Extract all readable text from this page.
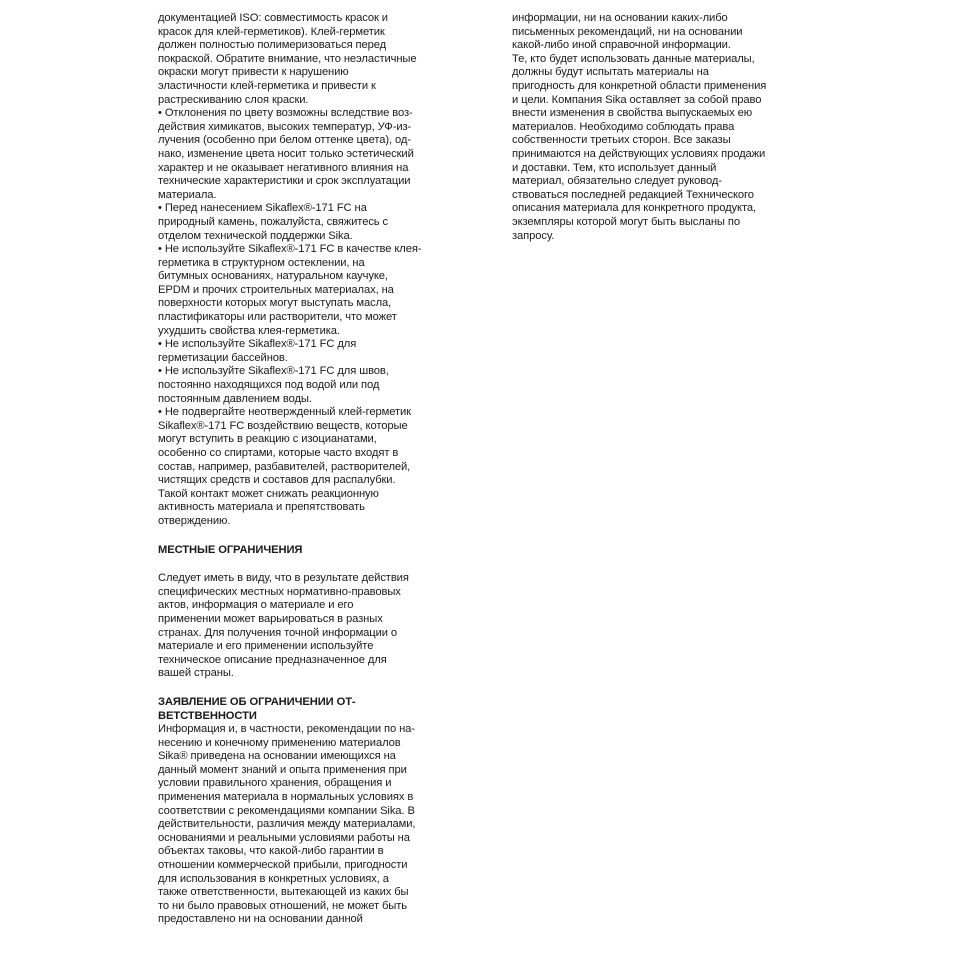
документацией ISO: совместимость красок и
красок для клей-герметиков). Клей-герметик
должен полностью полимеризоваться перед
покраской. Обратите внимание, что неэластичные
окраски могут привести к нарушению
эластичности клей-герметика и привести к
растрескиванию слоя краски.
• Отклонения по цвету возможны вследствие воз-
действия химикатов, высоких температур, УФ-из-
лучения (особенно при белом оттенке цвета), од-
нако, изменение цвета носит только эстетический
характер и не оказывает негативного влияния на
технические характеристики и срок эксплуатации
материала.
• Перед нанесением Sikaflex®-171 FC на
природный камень, пожалуйста, свяжитесь с
отделом технической поддержки Sika.
• Не используйте Sikaflex®-171 FC в качестве клея-
герметика в структурном остеклении, на
битумных основаниях, натуральном каучуке,
EPDM и прочих строительных материалах, на
поверхности которых могут выступать масла,
пластификаторы или растворители, что может
ухудшить свойства клея-герметика.
• Не используйте Sikaflex®-171 FC для
герметизации бассейнов.
• Не используйте Sikaflex®-171 FC для швов,
постоянно находящихся под водой или под
постоянным давлением воды.
• Не подвергайте неотвержденный клей-герметик
Sikaflex®-171 FC воздействию веществ, которые
могут вступить в реакцию с изоцианатами,
особенно со спиртами, которые часто входят в
состав, например, разбавителей, растворителей,
чистящих средств и составов для распалубки.
Такой контакт может снижать реакционную
активность материала и препятствовать
отверждению.
МЕСТНЫЕ ОГРАНИЧЕНИЯ
Следует иметь в виду, что в результате действия
специфических местных нормативно-правовых
актов, информация о материале и его
применении может варьироваться в разных
странах. Для получения точной информации о
материале и его применении используйте
техническое описание предназначенное для
вашей страны.
ЗАЯВЛЕНИЕ ОБ ОГРАНИЧЕНИИ ОТ-
ВЕТСТВЕННОСТИ
Информация и, в частности, рекомендации по на-
несению и конечному применению материалов
Sika® приведена на основании имеющихся на
данный момент знаний и опыта применения при
условии правильного хранения, обращения и
применения материала в нормальных условиях в
соответствии с рекомендациями компании Sika. В
действительности, различия между материалами,
основаниями и реальными условиями работы на
объектах таковы, что какой-либо гарантии в
отношении коммерческой прибыли, пригодности
для использования в конкретных условиях, а
также ответственности, вытекающей из каких бы
то ни было правовых отношений, не может быть
предоставлено ни на основании данной
информации, ни на основании каких-либо
письменных рекомендаций, ни на основании
какой-либо иной справочной информации.
Те, кто будет использовать данные материалы,
должны будут испытать материалы на
пригодность для конкретной области применения
и цели. Компания Sika оставляет за собой право
внести изменения в свойства выпускаемых ею
материалов. Необходимо соблюдать права
собственности третьих сторон. Все заказы
принимаются на действующих условиях продажи
и доставки. Тем, кто использует данный
материал, обязательно следует руковод-
ствоваться последней редакцией Технического
описания материала для конкретного продукта,
экземпляры которой могут быть высланы по
запросу.
